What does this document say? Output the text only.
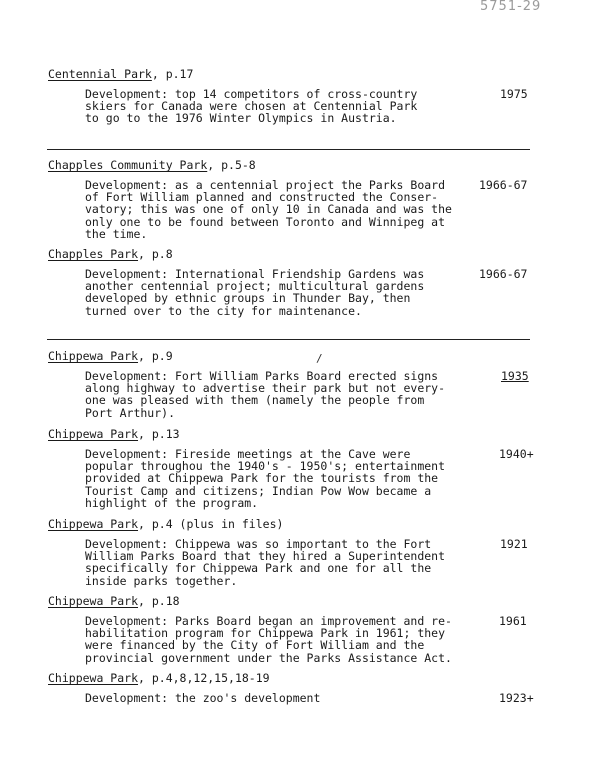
5751-29
Centennial Park, p.17
Development: top 14 competitors of cross-country
skiers for Canada were chosen at Centennial Park
to go to the 1976 Winter Olympics in Austria.
1975
Chapples Community Park, p.5-8
Development: as a centennial project the Parks Board
of Fort William planned and constructed the Conser-
vatory; this was one of only 10 in Canada and was the
only one to be found between Toronto and Winnipeg at
the time.
1966-67
Chapples Park, p.8
Development: International Friendship Gardens was
another centennial project; multicultural gardens
developed by ethnic groups in Thunder Bay, then
turned over to the city for maintenance.
1966-67
/
Chippewa Park, p.9
Development: Fort William Parks Board erected signs
along highway to advertise their park but not every-
one was pleased with them (namely the people from
Port Arthur).
1935
Chippewa Park, p.13
Development: Fireside meetings at the Cave were
popular throughou the 1940's - 1950's; entertainment
provided at Chippewa Park for the tourists from the
Tourist Camp and citizens; Indian Pow Wow became a
highlight of the program.
1940+
Chippewa Park, p.4 (plus in files)
Development: Chippewa was so important to the Fort
William Parks Board that they hired a Superintendent
specifically for Chippewa Park and one for all the
inside parks together.
1921
Chippewa Park, p.18
Development: Parks Board began an improvement and re-
habilitation program for Chippewa Park in 1961; they
were financed by the City of Fort William and the
provincial government under the Parks Assistance Act.
1961
Chippewa Park, p.4,8,12,15,18-19
Development: the zoo's development	1923+
